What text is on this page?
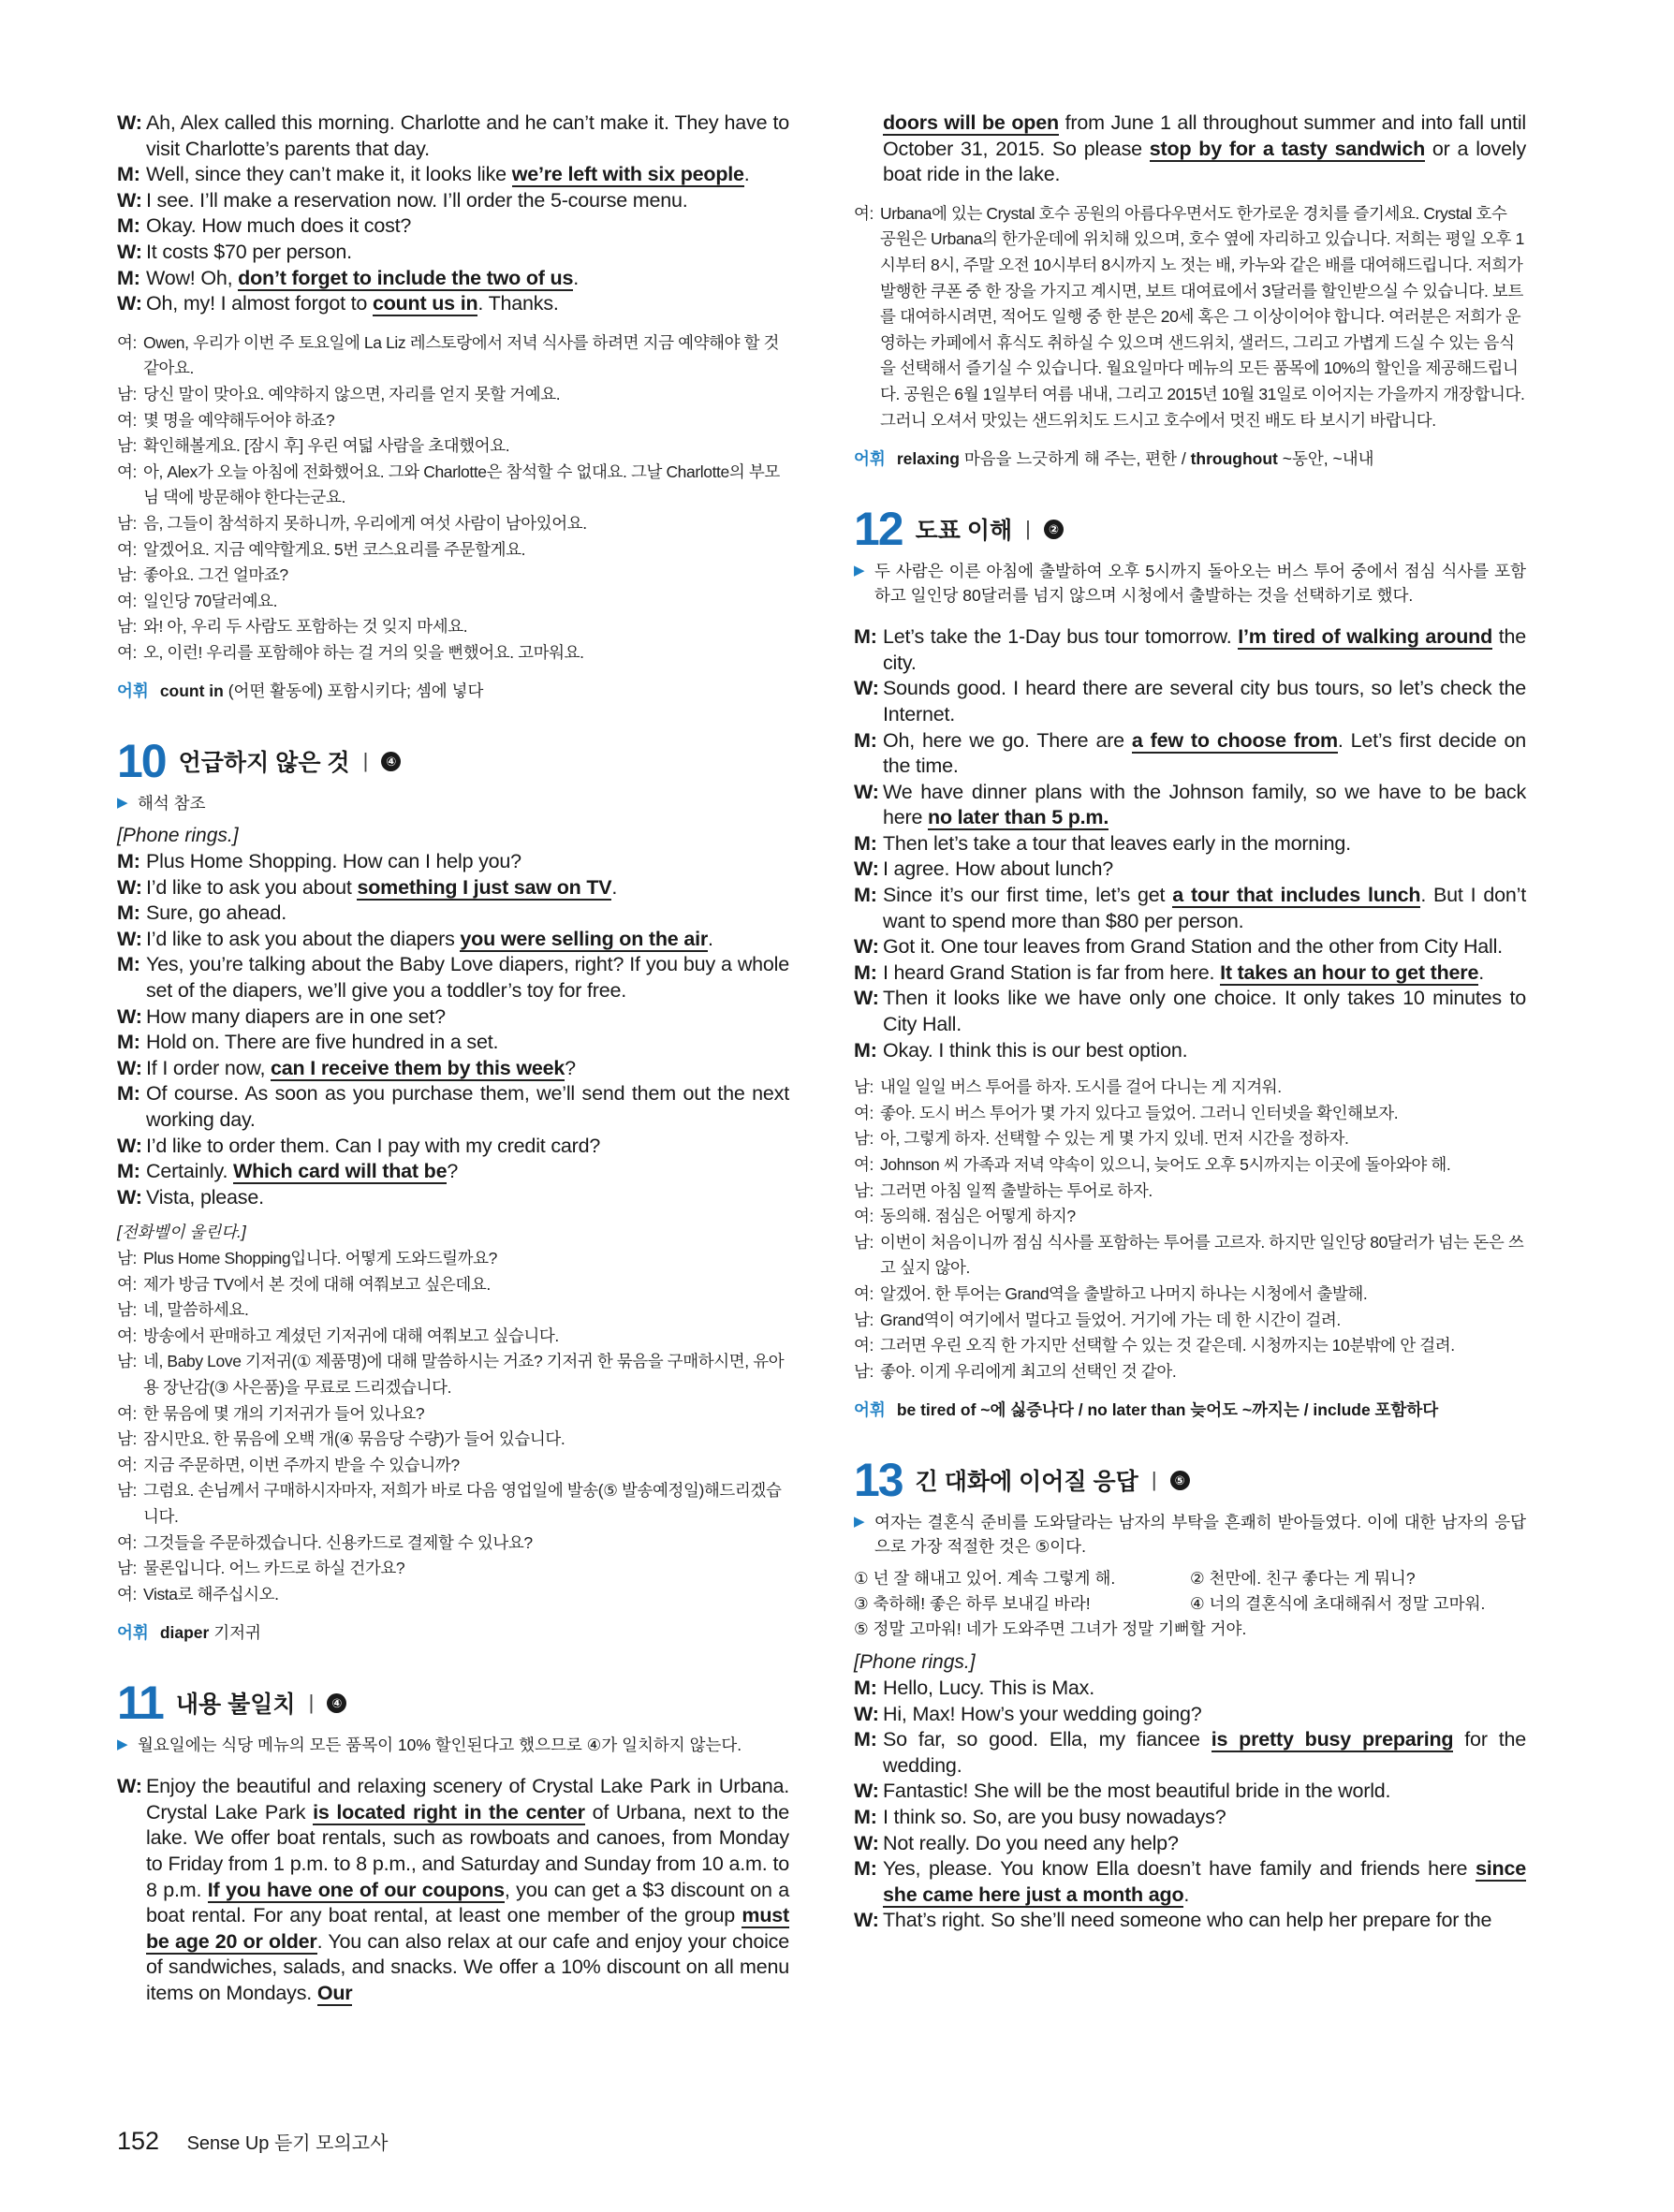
W: Ah, Alex called this morning. Charlotte and he can’t make it. They have to visit Charlotte’s parents that day.
M: Well, since they can’t make it, it looks like we’re left with six people.
W: I see. I’ll make a reservation now. I’ll order the 5-course menu.
M: Okay. How much does it cost?
W: It costs $70 per person.
M: Wow! Oh, don’t forget to include the two of us.
W: Oh, my! I almost forgot to count us in. Thanks.
여: Owen, 우리가 이번 주 토요일에 La Liz 레스토랑에서 저녁 식사를 하려면 지금 예약해야 할 것 같아요.
남: 당신 말이 맞아요. 예약하지 않으면, 자리를 얻지 못할 거예요.
여: 몇 명을 예약해두어야 하죠?
남: 확인해볼게요. [잠시 후] 우린 여덟 사람을 초대했어요.
여: 아, Alex가 오늘 아침에 전화했어요. 그와 Charlotte은 참석할 수 없대요. 그날 Charlotte의 부모님 댁에 방문해야 한다는군요.
남: 음, 그들이 참석하지 못하니까, 우리에게 여섯 사람이 남아있어요.
여: 알겠어요. 지금 예약할게요. 5번 코스요리를 주문할게요.
남: 좋아요. 그건 얼마죠?
여: 일인당 70달러예요.
남: 와! 아, 우리 두 사람도 포함하는 것 잊지 마세요.
여: 오, 이런! 우리를 포함해야 하는 걸 거의 잊을 뻔했어요. 고마워요.
어휘 count in (어떤 활동에) 포함시키다; 셈에 넣다
10 언급하지 않은 것 |	④
▶ 해석 참조
[Phone rings.]
M: Plus Home Shopping. How can I help you?
W: I’d like to ask you about something I just saw on TV.
M: Sure, go ahead.
W: I’d like to ask you about the diapers you were selling on the air.
M: Yes, you’re talking about the Baby Love diapers, right? If you buy a whole set of the diapers, we’ll give you a toddler’s toy for free.
W: How many diapers are in one set?
M: Hold on. There are five hundred in a set.
W: If I order now, can I receive them by this week?
M: Of course. As soon as you purchase them, we’ll send them out the next working day.
W: I’d like to order them. Can I pay with my credit card?
M: Certainly. Which card will that be?
W: Vista, please.
[전화벨이 울린다.]
남: Plus Home Shopping입니다. 어떻게 도와드릴까요?
여: 제가 방금 TV에서 본 것에 대해 여쭤보고 싶은데요.
남: 네, 말씀하세요.
여: 방송에서 판매하고 계셨던 기저귀에 대해 여쭤보고 싶습니다.
남: 네, Baby Love 기저귀(① 제품명)에 대해 말씀하시는 거죠? 기저귀 한 묶음을 구매하시면, 유아용 장난감(③ 사은품)을 무료로 드리겠습니다.
여: 한 묶음에 몇 개의 기저귀가 들어 있나요?
남: 잠시만요. 한 묶음에 오백 개(④ 묶음당 수량)가 들어 있습니다.
여: 지금 주문하면, 이번 주까지 받을 수 있습니까?
남: 그럼요. 손님께서 구매하시자마자, 저희가 바로 다음 영업일에 발송(⑤ 발송예정일)해드리겠습니다.
여: 그것들을 주문하겠습니다. 신용카드로 결제할 수 있나요?
남: 물론입니다. 어느 카드로 하실 건가요?
여: Vista로 해주십시오.
어휘 diaper 기저귀
11 내용 불일치 |	④
▶ 월요일에는 식당 메뉴의 모든 품목이 10% 할인된다고 했으므로 ④가 일치하지 않는다.
W: Enjoy the beautiful and relaxing scenery of Crystal Lake Park in Urbana. Crystal Lake Park is located right in the center of Urbana, next to the lake. We offer boat rentals, such as rowboats and canoes, from Monday to Friday from 1 p.m. to 8 p.m., and Saturday and Sunday from 10 a.m. to 8 p.m. If you have one of our coupons, you can get a $3 discount on a boat rental. For any boat rental, at least one member of the group must be age 20 or older. You can also relax at our cafe and enjoy your choice of sandwiches, salads, and snacks. We offer a 10% discount on all menu items on Mondays. Our
doors will be open from June 1 all throughout summer and into fall until October 31, 2015. So please stop by for a tasty sandwich or a lovely boat ride in the lake.
여: Urbana에 있는 Crystal 호수 공원의 아름다우면서도 한가로운 경치를 즐기세요. Crystal 호수 공원은 Urbana의 한가운데에 위치해 있으며, 호수 옆에 자리하고 있습니다. 저희는 평일 오후 1시부터 8시, 주말 오전 10시부터 8시까지 노 젓는 배, 카누와 같은 배를 대여해드립니다. 저희가 발행한 쿠폰 중 한 장을 가지고 계시면, 보트 대여료에서 3달러를 할인받으실 수 있습니다. 보트를 대여하시려면, 적어도 일행 중 한 분은 20세 혹은 그 이상이어야 합니다. 여러분은 저희가 운영하는 카페에서 휴식도 취하실 수 있으며 샌드위치, 샐러드, 그리고 가볍게 드실 수 있는 음식을 선택해서 즐기실 수 있습니다. 월요일마다 메뉴의 모든 품목에 10%의 할인을 제공해드립니다. 공원은 6월 1일부터 여름 내내, 그리고 2015년 10월 31일로 이어지는 가을까지 개장합니다. 그러니 오셔서 맛있는 샌드위치도 드시고 호수에서 멋진 배도 타 보시기 바랍니다.
어휘 relaxing 마음을 느긋하게 해 주는, 편한 / throughout ~동안, ~내내
12 도표 이해 |	②
▶ 두 사람은 이른 아침에 출발하여 오후 5시까지 돌아오는 버스 투어 중에서 점심 식사를 포함하고 일인당 80달러를 넘지 않으며 시청에서 출발하는 것을 선택하기로 했다.
M: Let’s take the 1-Day bus tour tomorrow. I’m tired of walking around the city.
W: Sounds good. I heard there are several city bus tours, so let’s check the Internet.
M: Oh, here we go. There are a few to choose from. Let’s first decide on the time.
W: We have dinner plans with the Johnson family, so we have to be back here no later than 5 p.m.
M: Then let’s take a tour that leaves early in the morning.
W: I agree. How about lunch?
M: Since it’s our first time, let’s get a tour that includes lunch. But I don’t want to spend more than $80 per person.
W: Got it. One tour leaves from Grand Station and the other from City Hall.
M: I heard Grand Station is far from here. It takes an hour to get there.
W: Then it looks like we have only one choice. It only takes 10 minutes to City Hall.
M: Okay. I think this is our best option.
남: 내일 일일 버스 투어를 하자. 도시를 걸어 다니는 게 지겨워.
여: 좋아. 도시 버스 투어가 몇 가지 있다고 들었어. 그러니 인터넷을 확인해보자.
남: 아, 그렇게 하자. 선택할 수 있는 게 몇 가지 있네. 먼저 시간을 정하자.
여: Johnson 씨 가족과 저녁 약속이 있으니, 늦어도 오후 5시까지는 이곳에 돌아와야 해.
남: 그러면 아침 일찍 출발하는 투어로 하자.
여: 동의해. 점심은 어떻게 하지?
남: 이번이 처음이니까 점심 식사를 포함하는 투어를 고르자. 하지만 일인당 80달러가 넘는 돈은 쓰고 싶지 않아.
여: 알겠어. 한 투어는 Grand역을 출발하고 나머지 하나는 시청에서 출발해.
남: Grand역이 여기에서 멀다고 들었어. 거기에 가는 데 한 시간이 걸려.
여: 그러면 우린 오직 한 가지만 선택할 수 있는 것 같은데. 시청까지는 10분밖에 안 걸려.
남: 좋아. 이게 우리에게 최고의 선택인 것 같아.
어휘 be tired of ~에 싫증나다 / no later than 늦어도 ~까지는 / include 포함하다
13 긴 대화에 이어질 응답 |	⑤
▶ 여자는 결혼식 준비를 도와달라는 남자의 부탁을 흔쾌히 받아들였다. 이에 대한 남자의 응답으로 가장 적절한 것은 ⑤이다.
① 넌 잘 해내고 있어. 계속 그렇게 해.	② 천만에. 친구 좋다는 게 뭐니?
③ 축하해! 좋은 하루 보내길 바라!	④ 너의 결혼식에 초대해줘서 정말 고마워.
⑤ 정말 고마워! 네가 도와주면 그녀가 정말 기뻐할 거야.
[Phone rings.]
M: Hello, Lucy. This is Max.
W: Hi, Max! How’s your wedding going?
M: So far, so good. Ella, my fiancee is pretty busy preparing for the wedding.
W: Fantastic! She will be the most beautiful bride in the world.
M: I think so. So, are you busy nowadays?
W: Not really. Do you need any help?
M: Yes, please. You know Ella doesn’t have family and friends here since she came here just a month ago.
W: That’s right. So she’ll need someone who can help her prepare for the
152 Sense Up 듣기 모의고사
